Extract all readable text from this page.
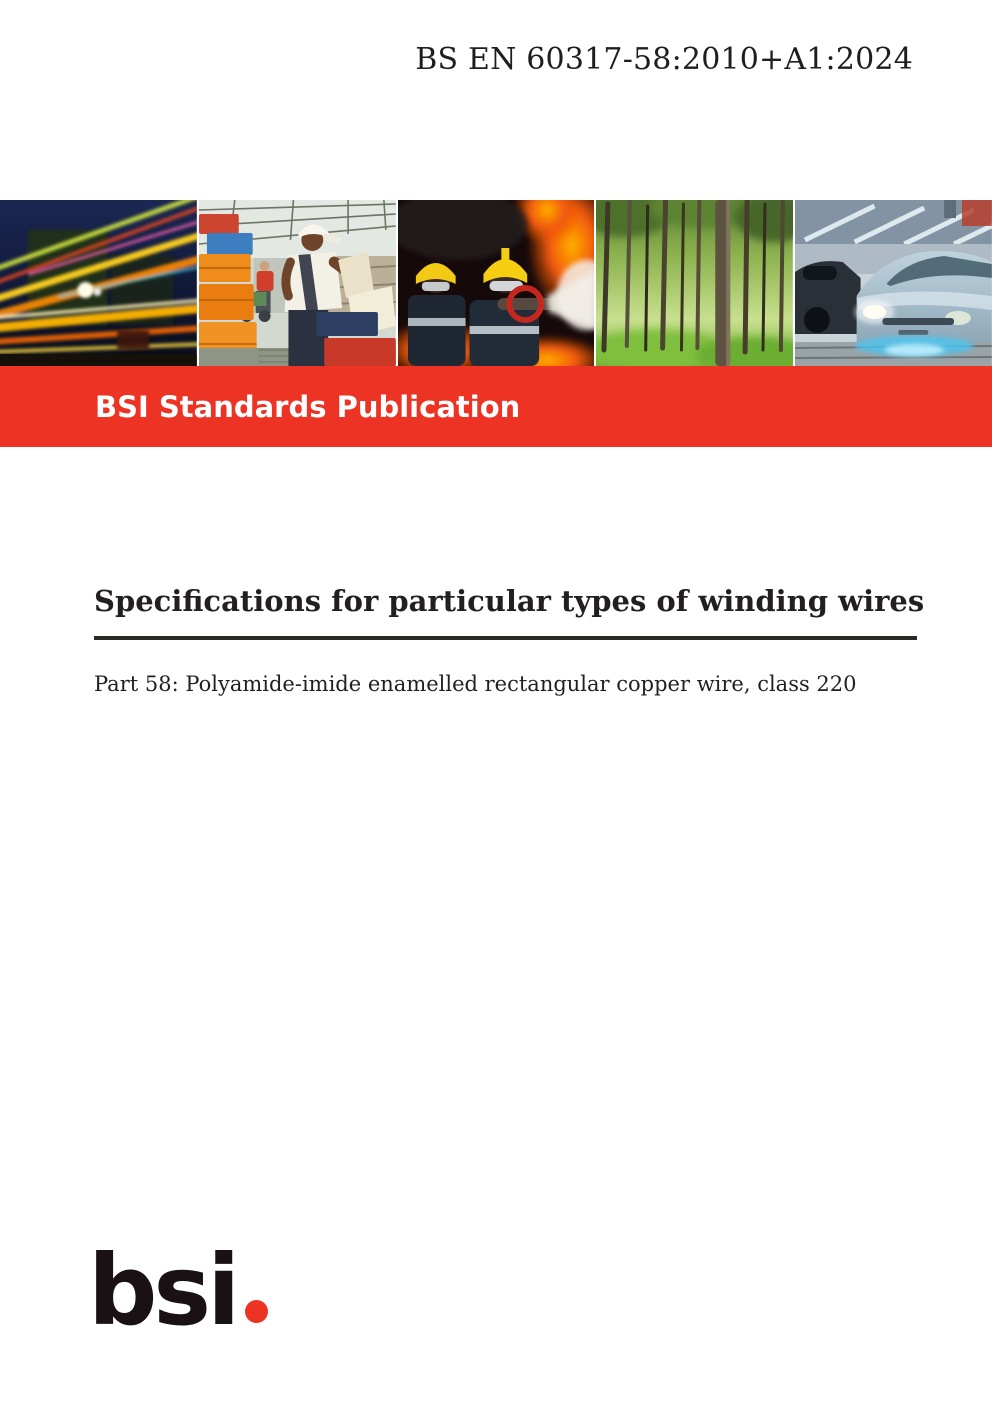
BS EN 60317-58:2010+A1:2024
BSI Standards Publication
Specifications for particular types of winding wires
Part 58: Polyamide-imide enamelled rectangular copper wire, class 220
bsi
